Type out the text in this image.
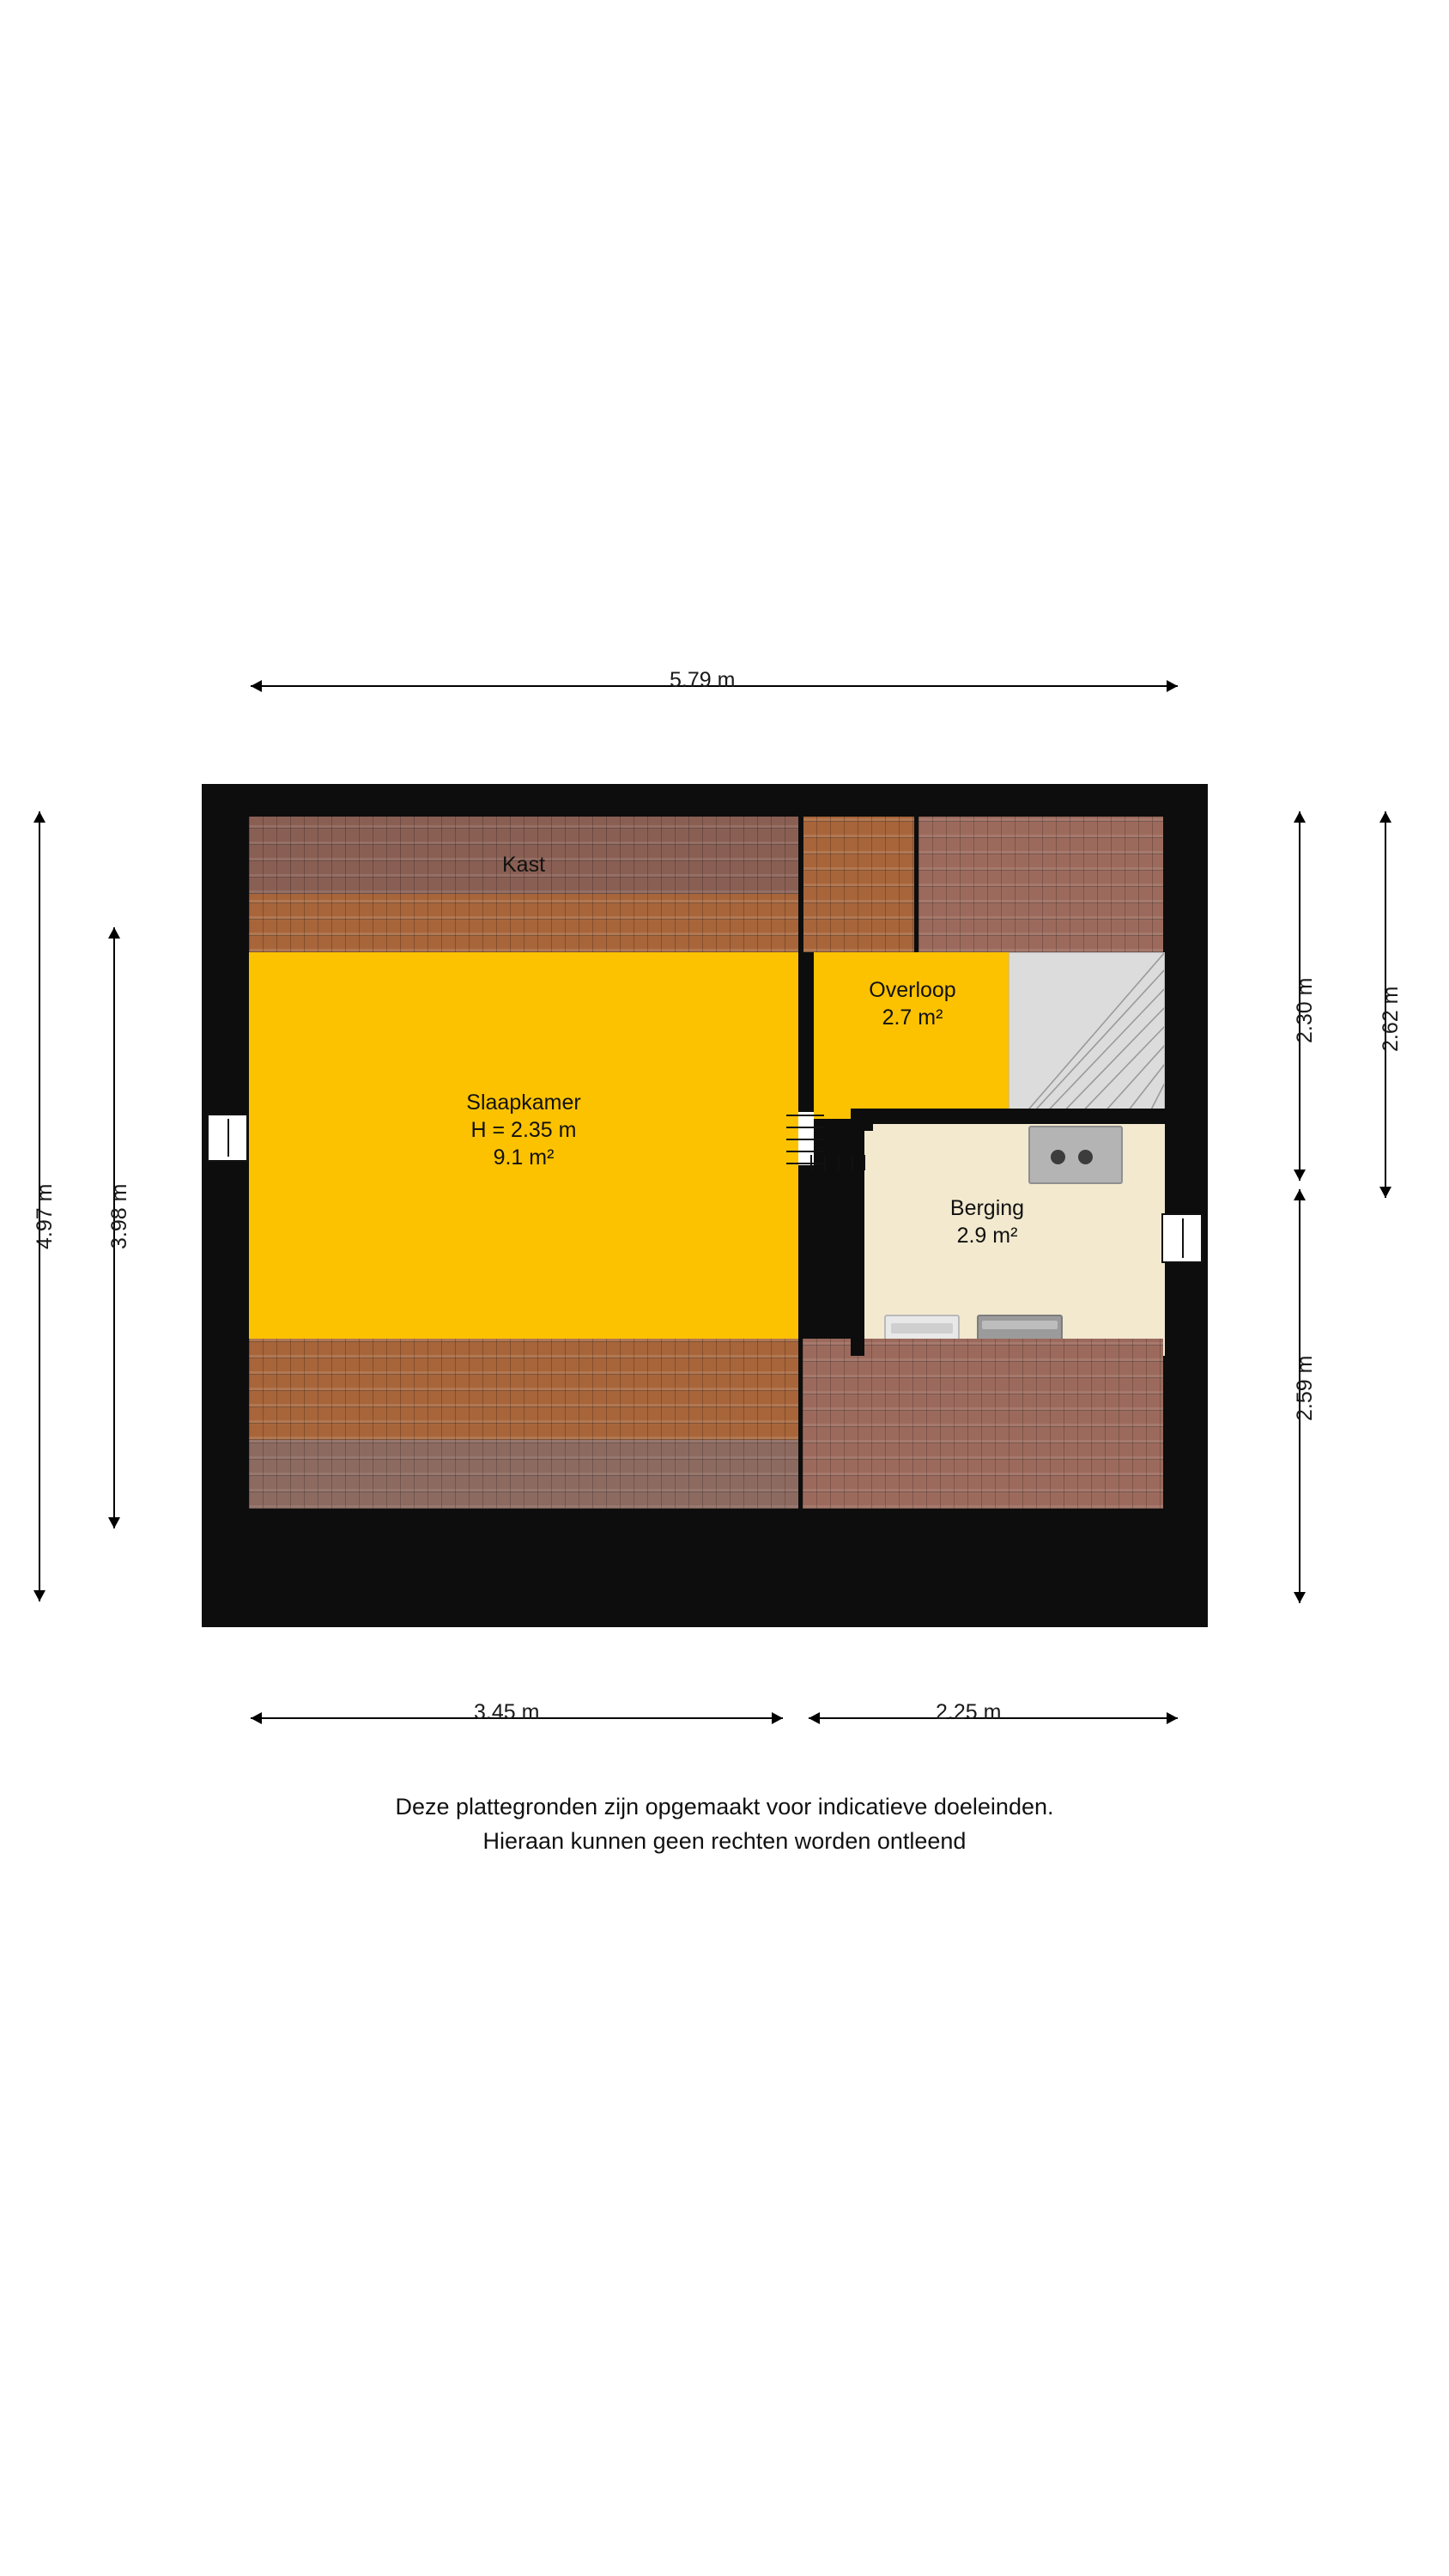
5.79 m
4.97 m 3.98 m
2.30 m
2.59 m
2.62 m
3.45 m	2.25 m
Kast
Slaapkamer
H = 2.35 m
9.1 m²
Overloop
2.7 m²
Berging
2.9 m²
Deze plattegronden zijn opgemaakt voor indicatieve doeleinden.
Hieraan kunnen geen rechten worden ontleend
